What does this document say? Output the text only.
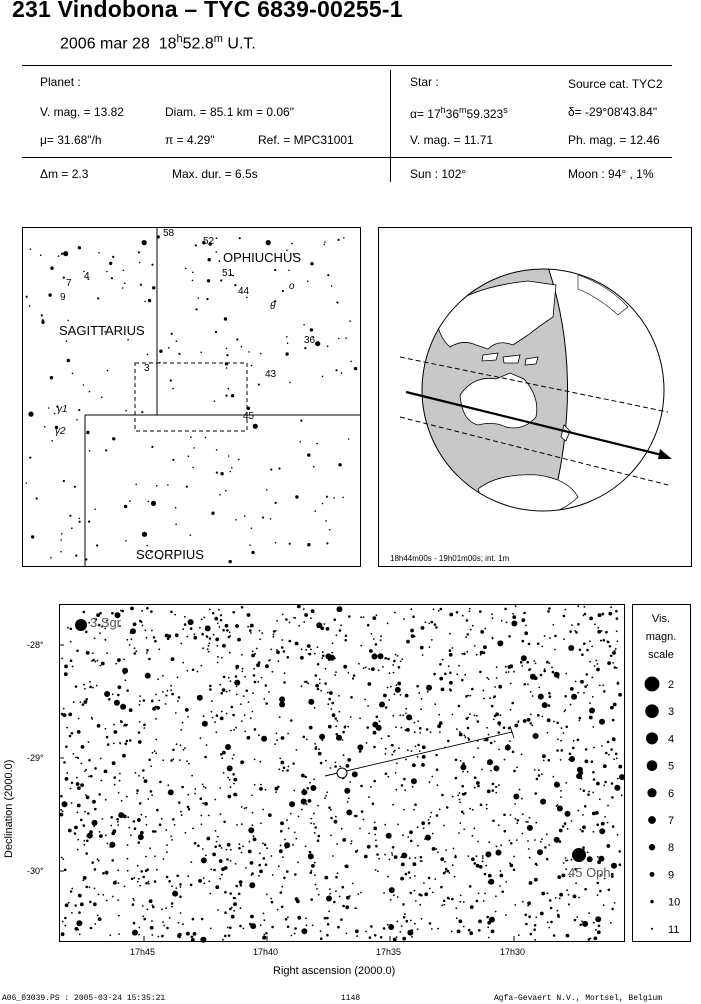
231 Vindobona – TYC 6839-00255-1
2006 mar 28 18$^h$52.8$^m$ U.T.
Planet :
V. mag. = 13.82	Diam. = 85.1 km = 0.06"
μ= 31.68"/h	π = 4.29"	Ref. = MPC31001
Δm = 2.3	Max. dur. = 6.5s
Star :	Source cat. TYC2
$\alpha= 17^h36^m59.323^s$	δ= -29°08'43.84"
V. mag. = 11.71	Ph. mag. = 12.46
Sun : 102°	Moon : 94° , 1%
OPHIUCHUS
SAGITTARIUS
SCORPIUS
58
52
4
7
9
51
44	o
θ
36
3
43
45
γ1
γ2
18h44m00s - 19h01m00s; int. 1m
3 Sgr
45 Oph
-28°
-29°
-30°
17h45	17h40	17h35	17h30
Right ascension (2000.0)
Declination (2000.0)
Vis.
magn.
scale
2
3
4
5
6
7
8
9
10
11
A06_03039.PS : 2005-03-24 15:35:21	1148	Agfa-Gevaert N.V., Mortsel, Belgium
